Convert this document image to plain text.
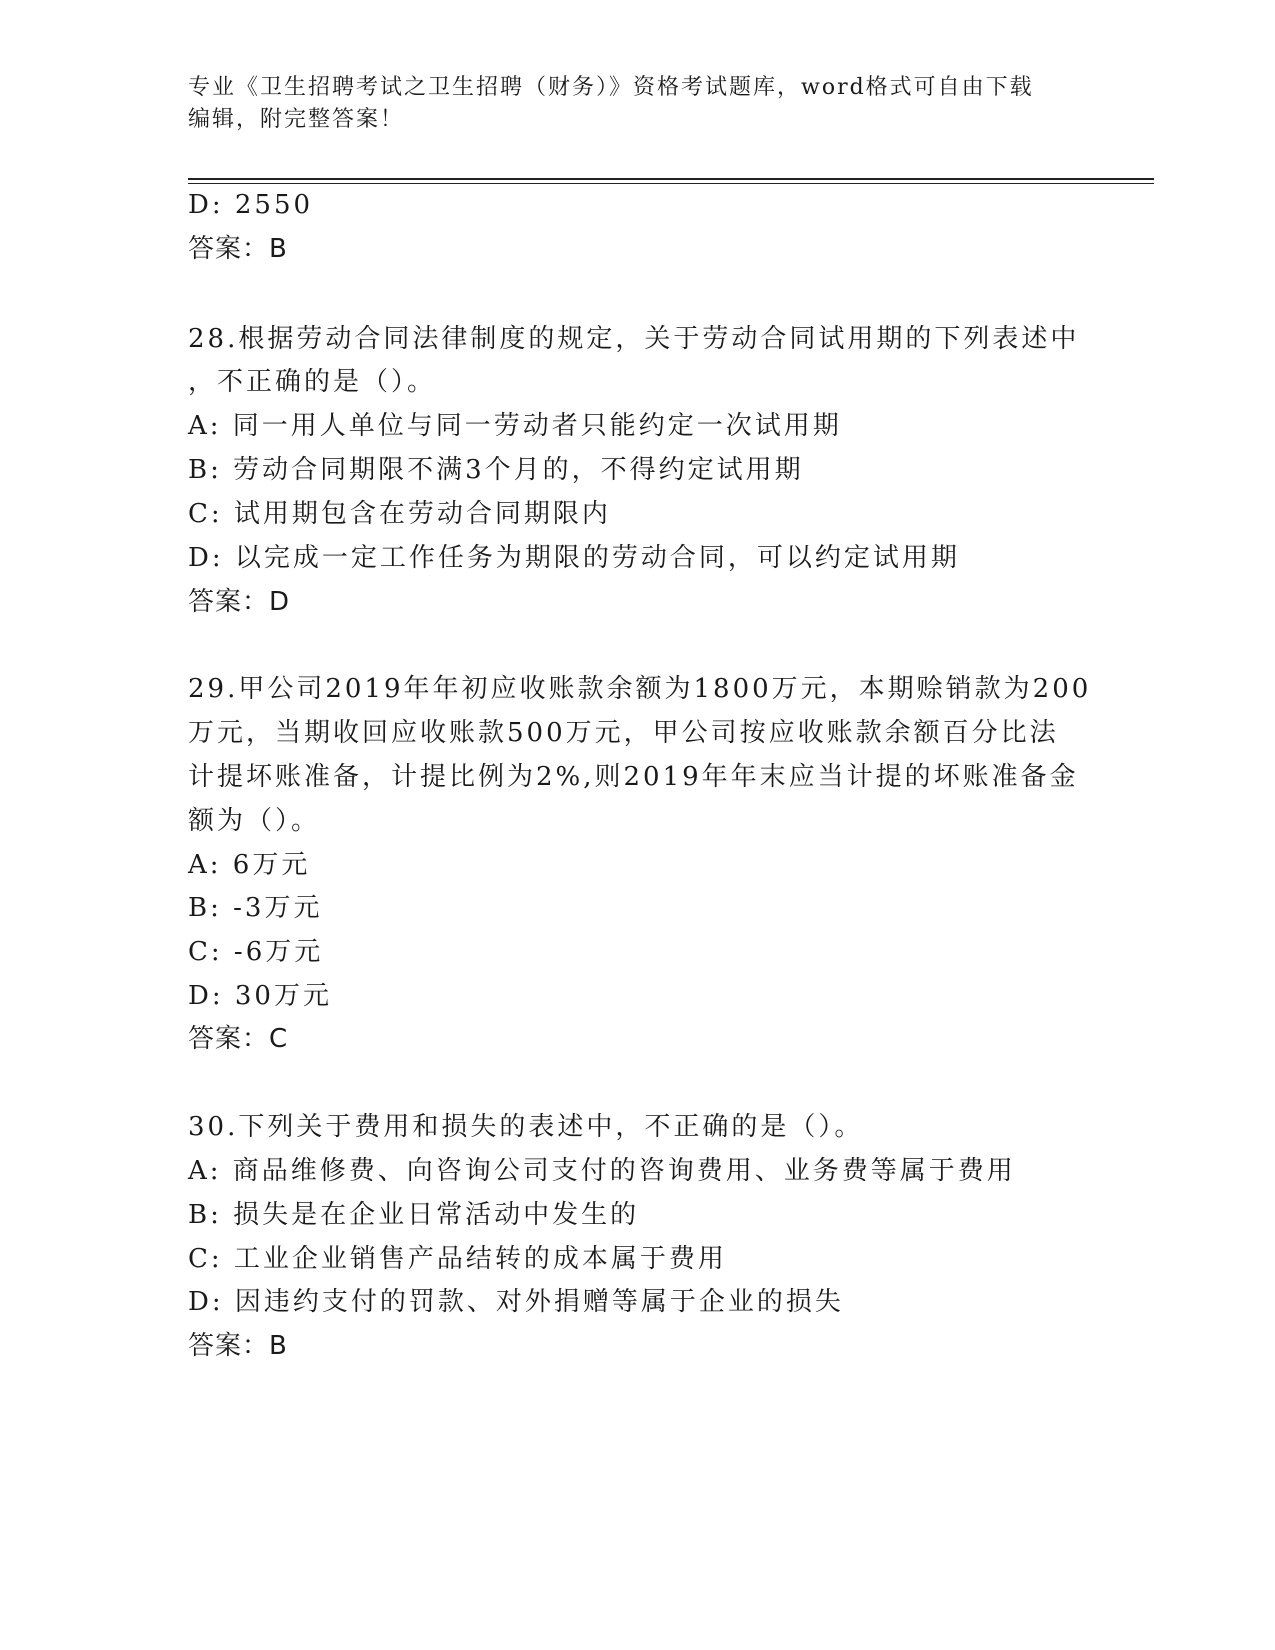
专业《卫生招聘考试之卫生招聘（财务）》资格考试题库，word格式可自由下载
编辑，附完整答案！
D: 2550
答案：B
28.根据劳动合同法律制度的规定，关于劳动合同试用期的下列表述中
，不正确的是（）。
A: 同一用人单位与同一劳动者只能约定一次试用期
B: 劳动合同期限不满3个月的，不得约定试用期
C: 试用期包含在劳动合同期限内
D: 以完成一定工作任务为期限的劳动合同，可以约定试用期
答案：D
29.甲公司2019年年初应收账款余额为1800万元，本期赊销款为200
万元，当期收回应收账款500万元，甲公司按应收账款余额百分比法
计提坏账准备，计提比例为2%,则2019年年末应当计提的坏账准备金
额为（）。
A: 6万元
B: -3万元
C: -6万元
D: 30万元
答案：C
30.下列关于费用和损失的表述中，不正确的是（）。
A: 商品维修费、向咨询公司支付的咨询费用、业务费等属于费用
B: 损失是在企业日常活动中发生的
C: 工业企业销售产品结转的成本属于费用
D: 因违约支付的罚款、对外捐赠等属于企业的损失
答案：B
